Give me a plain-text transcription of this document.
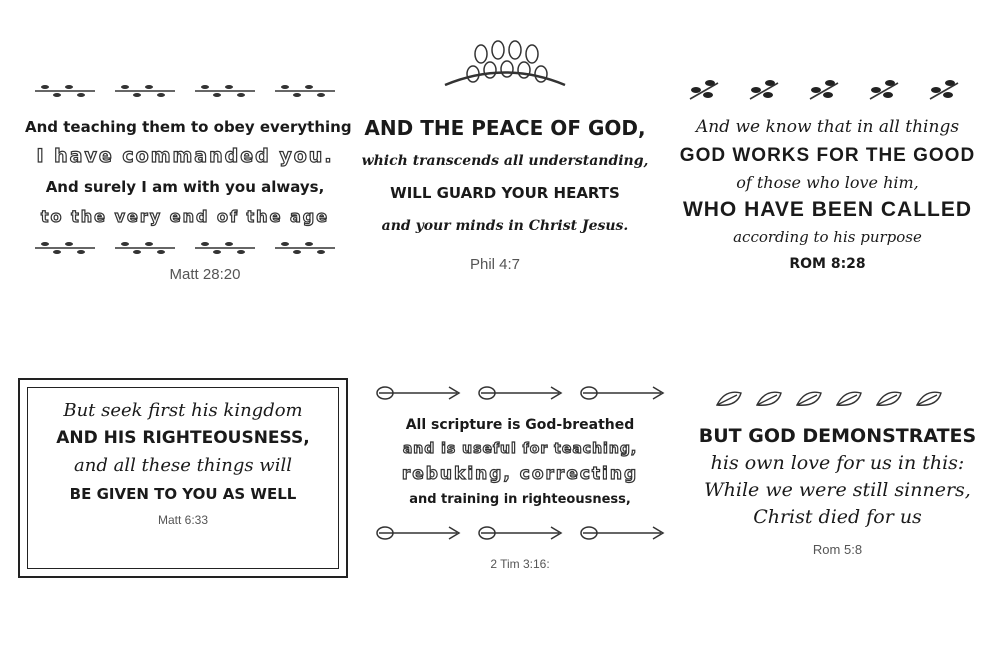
And teaching them to obey everything
I have commanded you.
And surely I am with you always,
to the very end of the age
Matt 28:20
AND THE PEACE OF GOD,
which transcends all understanding,
WILL GUARD YOUR HEARTS
and your minds in Christ Jesus.
Phil 4:7
And we know that in all things
GOD WORKS FOR THE GOOD
of those who love him,
WHO HAVE BEEN CALLED
according to his purpose
ROM 8:28
But seek first his kingdom
AND HIS RIGHTEOUSNESS,
and all these things will
BE GIVEN TO YOU AS WELL
Matt 6:33
All scripture is God-breathed
and is useful for teaching,
rebuking, correcting
and training in righteousness,
2 Tim 3:16:
BUT GOD DEMONSTRATES
his own love for us in this:
While we were still sinners,
Christ died for us
Rom 5:8
